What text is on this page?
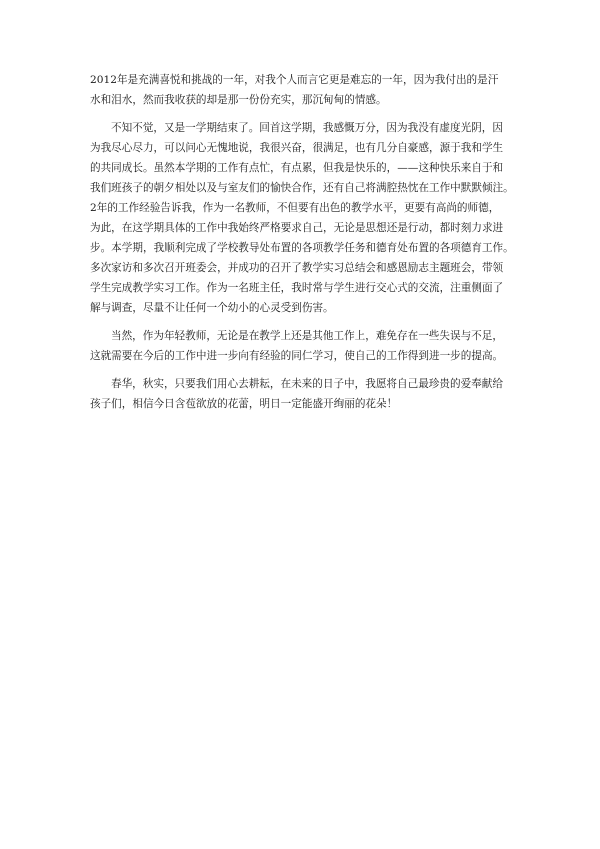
2012年是充满喜悦和挑战的一年，对我个人而言它更是难忘的一年，因为我付出的是汗
水和泪水，然而我收获的却是那一份份充实，那沉甸甸的情感。

不知不觉，又是一学期结束了。回首这学期，我感慨万分，因为我没有虚度光阴，因
为我尽心尽力，可以问心无愧地说，我很兴奋，很满足，也有几分自豪感，源于我和学生
的共同成长。虽然本学期的工作有点忙，有点累，但我是快乐的，——这种快乐来自于和
我们班孩子的朝夕相处以及与室友们的愉快合作，还有自己将满腔热忱在工作中默默倾注。
2年的工作经验告诉我，作为一名教师，不但要有出色的教学水平，更要有高尚的师德，
为此，在这学期具体的工作中我始终严格要求自己，无论是思想还是行动，都时刻力求进
步。本学期，我顺利完成了学校教导处布置的各项教学任务和德育处布置的各项德育工作。
多次家访和多次召开班委会，并成功的召开了教学实习总结会和感恩励志主题班会，带领
学生完成教学实习工作。作为一名班主任，我时常与学生进行交心式的交流，注重侧面了
解与调查，尽量不让任何一个幼小的心灵受到伤害。

当然，作为年轻教师，无论是在教学上还是其他工作上，难免存在一些失误与不足，
这就需要在今后的工作中进一步向有经验的同仁学习，使自己的工作得到进一步的提高。

春华，秋实，只要我们用心去耕耘，在未来的日子中，我愿将自己最珍贵的爱奉献给
孩子们，相信今日含苞欲放的花蕾，明日一定能盛开绚丽的花朵！
